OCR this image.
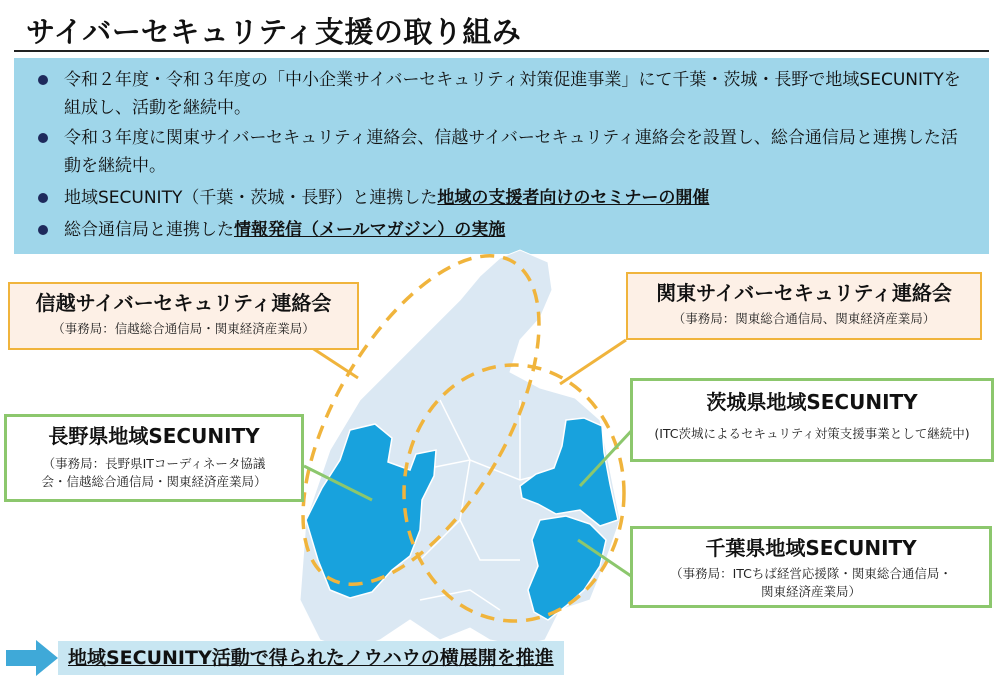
サイバーセキュリティ支援の取り組み
令和２年度・令和３年度の「中小企業サイバーセキュリティ対策促進事業」にて千葉・茨城・長野で地域SECUNITYを組成し、活動を継続中。
令和３年度に関東サイバーセキュリティ連絡会、信越サイバーセキュリティ連絡会を設置し、総合通信局と連携した活動を継続中。
地域SECUNITY（千葉・茨城・長野）と連携した地域の支援者向けのセミナーの開催
総合通信局と連携した情報発信（メールマガジン）の実施
信越サイバーセキュリティ連絡会
（事務局：信越総合通信局・関東経済産業局）
関東サイバーセキュリティ連絡会
（事務局：関東総合通信局、関東経済産業局）
長野県地域SECUNITY
（事務局：長野県ITコーディネータ協議
会・信越総合通信局・関東経済産業局）
茨城県地域SECUNITY
(ITC茨城によるセキュリティ対策支援事業として継続中)
千葉県地域SECUNITY
（事務局：ITCちば経営応援隊・関東総合通信局・
関東経済産業局）
地域SECUNITY活動で得られたノウハウの横展開を推進
